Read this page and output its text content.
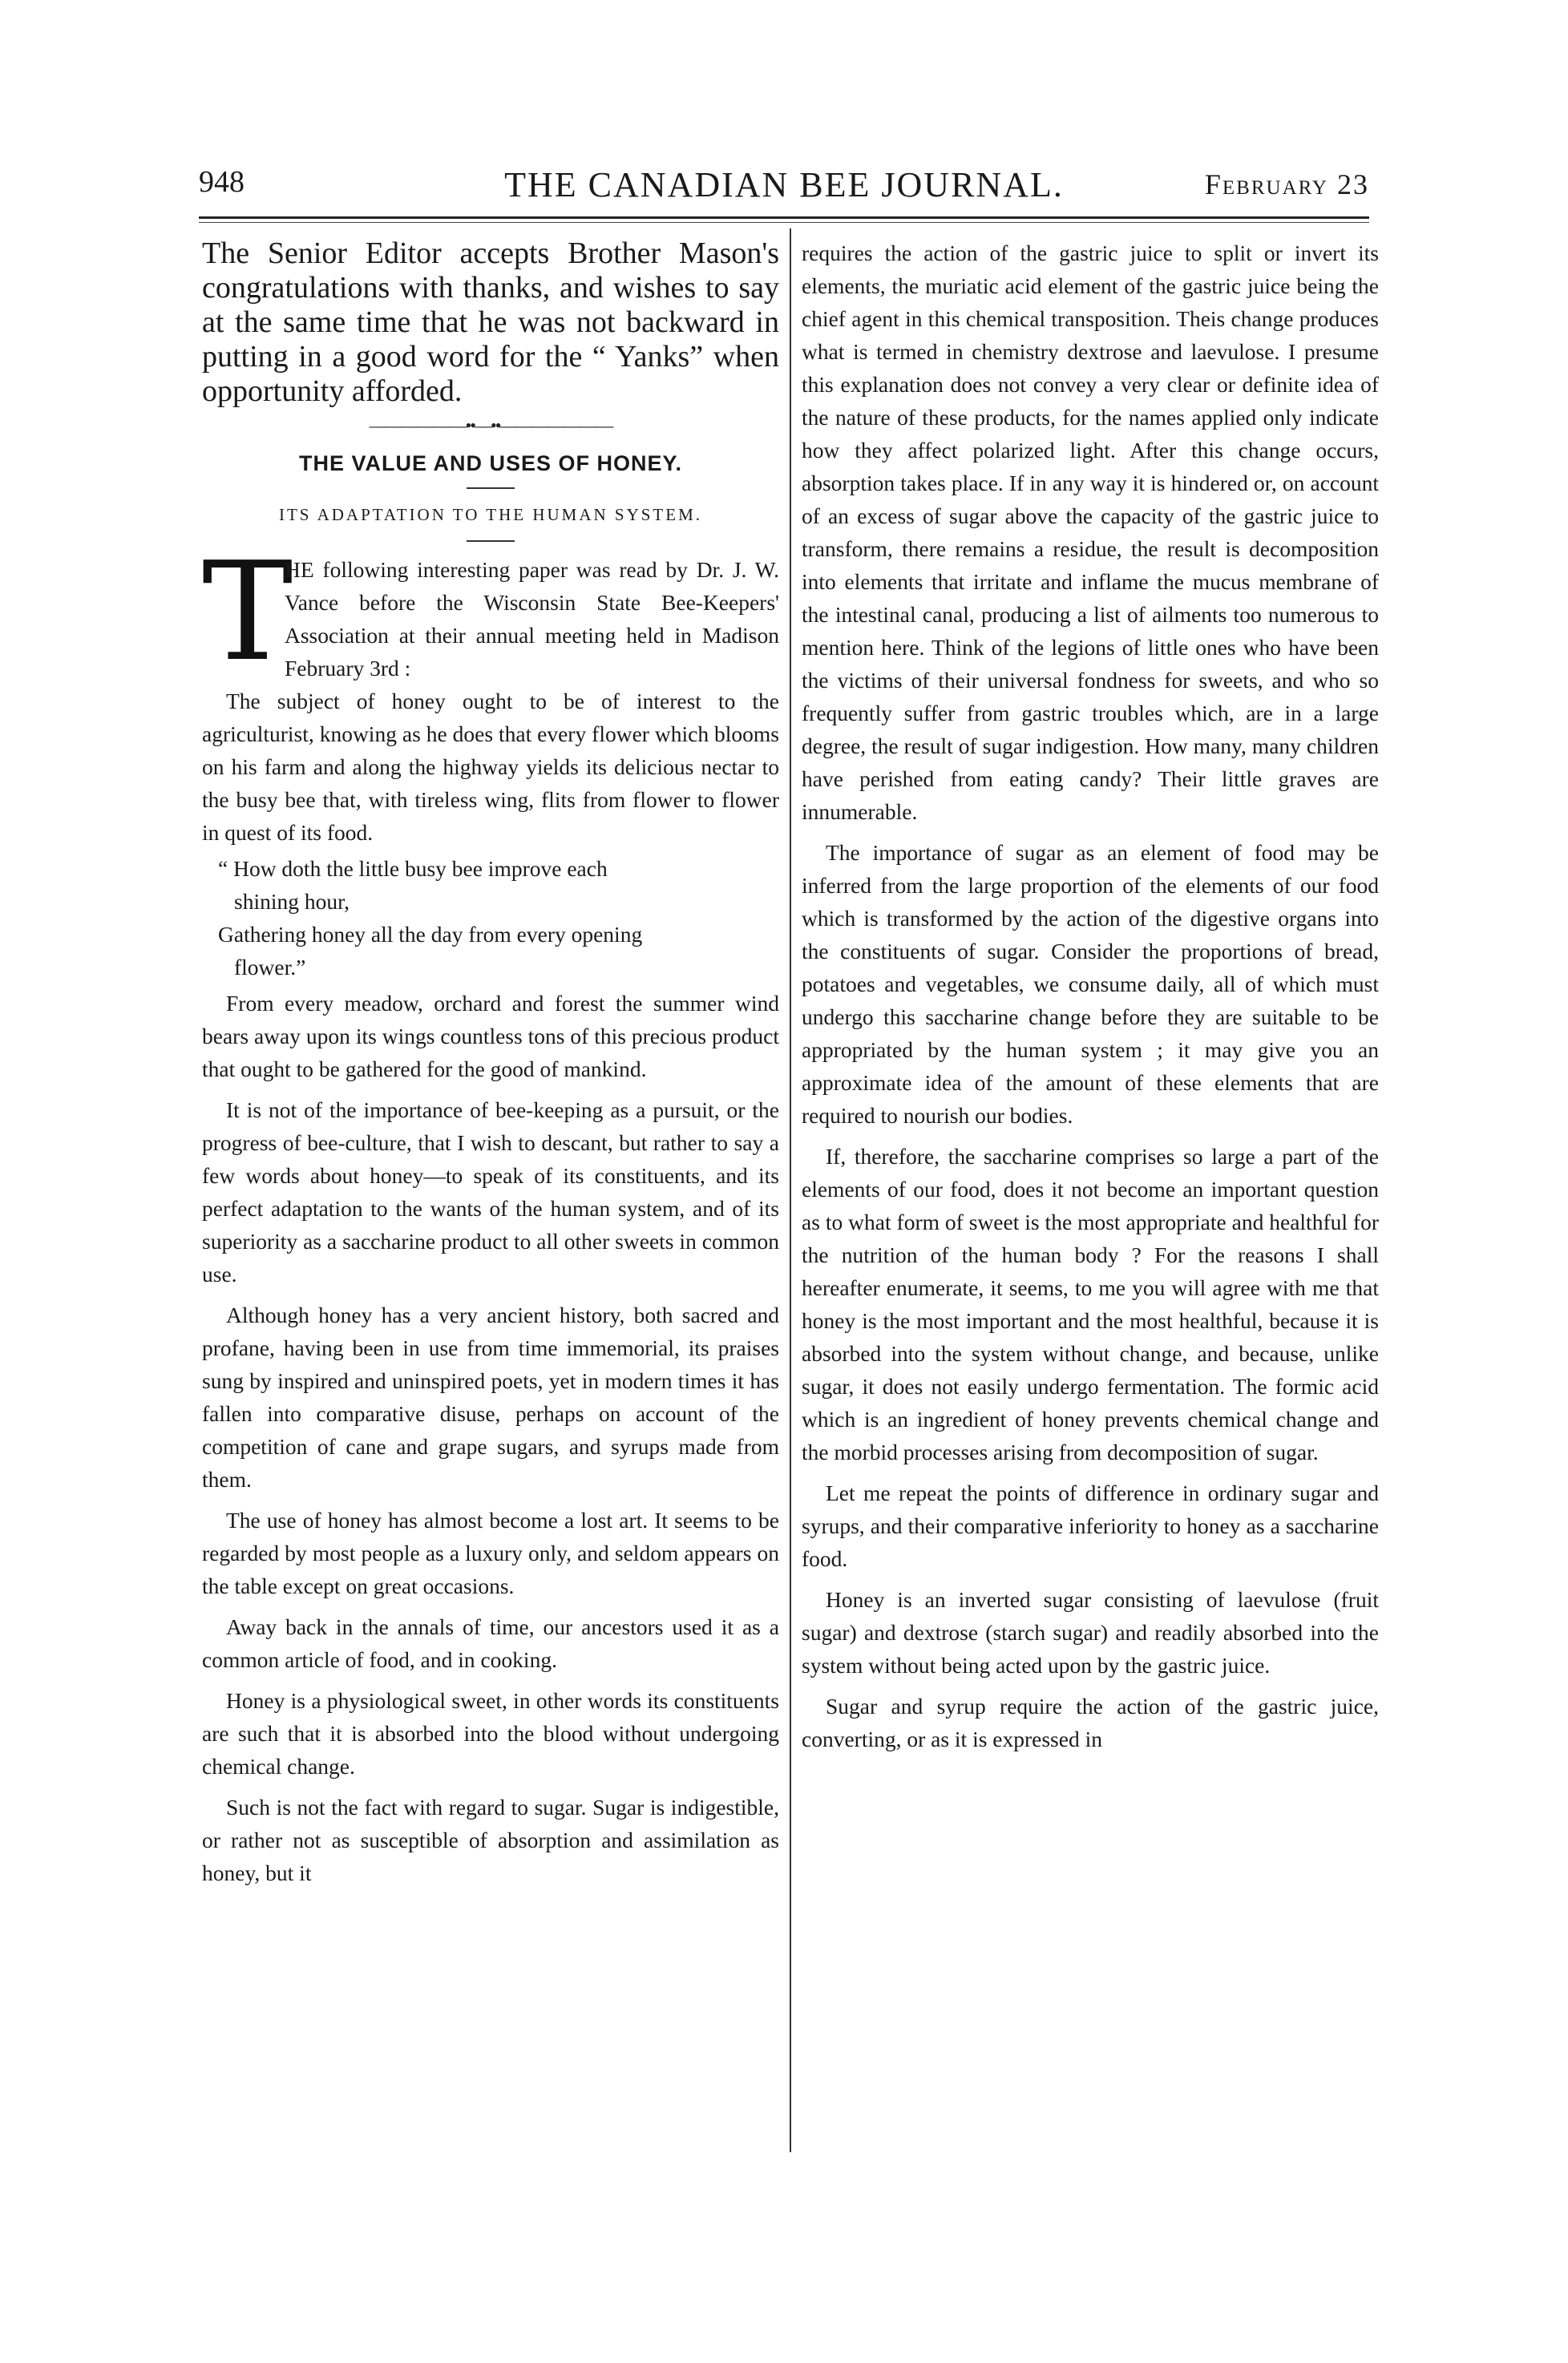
948	THE CANADIAN BEE JOURNAL.	February 23

The Senior Editor accepts Brother Mason's congratulations with thanks, and wishes to say at the same time that he was not backward in putting in a good word for the “ Yanks” when opportunity afforded.

——————••—••———————
THE VALUE AND USES OF HONEY.
ITS ADAPTATION TO THE HUMAN SYSTEM.
T

HE following interesting paper was read by Dr. J. W. Vance before the Wisconsin State Bee-Keepers' Association at their annual meeting held in Madison February 3rd :

The subject of honey ought to be of interest to the agriculturist, knowing as he does that every flower which blooms on his farm and along the highway yields its delicious nectar to the busy bee that, with tireless wing, flits from flower to flower in quest of its food.

“ How doth the little busy bee improve each
shining hour,
Gathering honey all the day from every opening
flower.”

From every meadow, orchard and forest the summer wind bears away upon its wings countless tons of this precious product that ought to be gathered for the good of mankind.

It is not of the importance of bee-keeping as a pursuit, or the progress of bee-culture, that I wish to descant, but rather to say a few words about honey—to speak of its constituents, and its perfect adaptation to the wants of the human system, and of its superiority as a saccharine product to all other sweets in common use.

Although honey has a very ancient history, both sacred and profane, having been in use from time immemorial, its praises sung by inspired and uninspired poets, yet in modern times it has fallen into comparative disuse, perhaps on account of the competition of cane and grape sugars, and syrups made from them.

The use of honey has almost become a lost art. It seems to be regarded by most people as a luxury only, and seldom appears on the table except on great occasions.

Away back in the annals of time, our ancestors used it as a common article of food, and in cooking.

Honey is a physiological sweet, in other words its constituents are such that it is absorbed into the blood without undergoing chemical change.

Such is not the fact with regard to sugar. Sugar is indigestible, or rather not as susceptible of absorption and assimilation as honey, but it

requires the action of the gastric juice to split or invert its elements, the muriatic acid element of the gastric juice being the chief agent in this chemical transposition. Theis change produces what is termed in chemistry dextrose and laevulose. I presume this explanation does not convey a very clear or definite idea of the nature of these products, for the names applied only indicate how they affect polarized light. After this change occurs, absorption takes place. If in any way it is hindered or, on account of an excess of sugar above the capacity of the gastric juice to transform, there remains a residue, the result is decomposition into elements that irritate and inflame the mucus membrane of the intestinal canal, producing a list of ailments too numerous to mention here. Think of the legions of little ones who have been the victims of their universal fondness for sweets, and who so frequently suffer from gastric troubles which, are in a large degree, the result of sugar indigestion. How many, many children have perished from eating candy? Their little graves are innumerable.

The importance of sugar as an element of food may be inferred from the large proportion of the elements of our food which is transformed by the action of the digestive organs into the constituents of sugar. Consider the proportions of bread, potatoes and vegetables, we consume daily, all of which must undergo this saccharine change before they are suitable to be appropriated by the human system ; it may give you an approximate idea of the amount of these elements that are required to nourish our bodies.

If, therefore, the saccharine comprises so large a part of the elements of our food, does it not become an important question as to what form of sweet is the most appropriate and healthful for the nutrition of the human body ? For the reasons I shall hereafter enumerate, it seems, to me you will agree with me that honey is the most important and the most healthful, because it is absorbed into the system without change, and because, unlike sugar, it does not easily undergo fermentation. The formic acid which is an ingredient of honey prevents chemical change and the morbid processes arising from decomposition of sugar.

Let me repeat the points of difference in ordinary sugar and syrups, and their comparative inferiority to honey as a saccharine food.

Honey is an inverted sugar consisting of laevulose (fruit sugar) and dextrose (starch sugar) and readily absorbed into the system without being acted upon by the gastric juice.

Sugar and syrup require the action of the gastric juice, converting, or as it is expressed in
